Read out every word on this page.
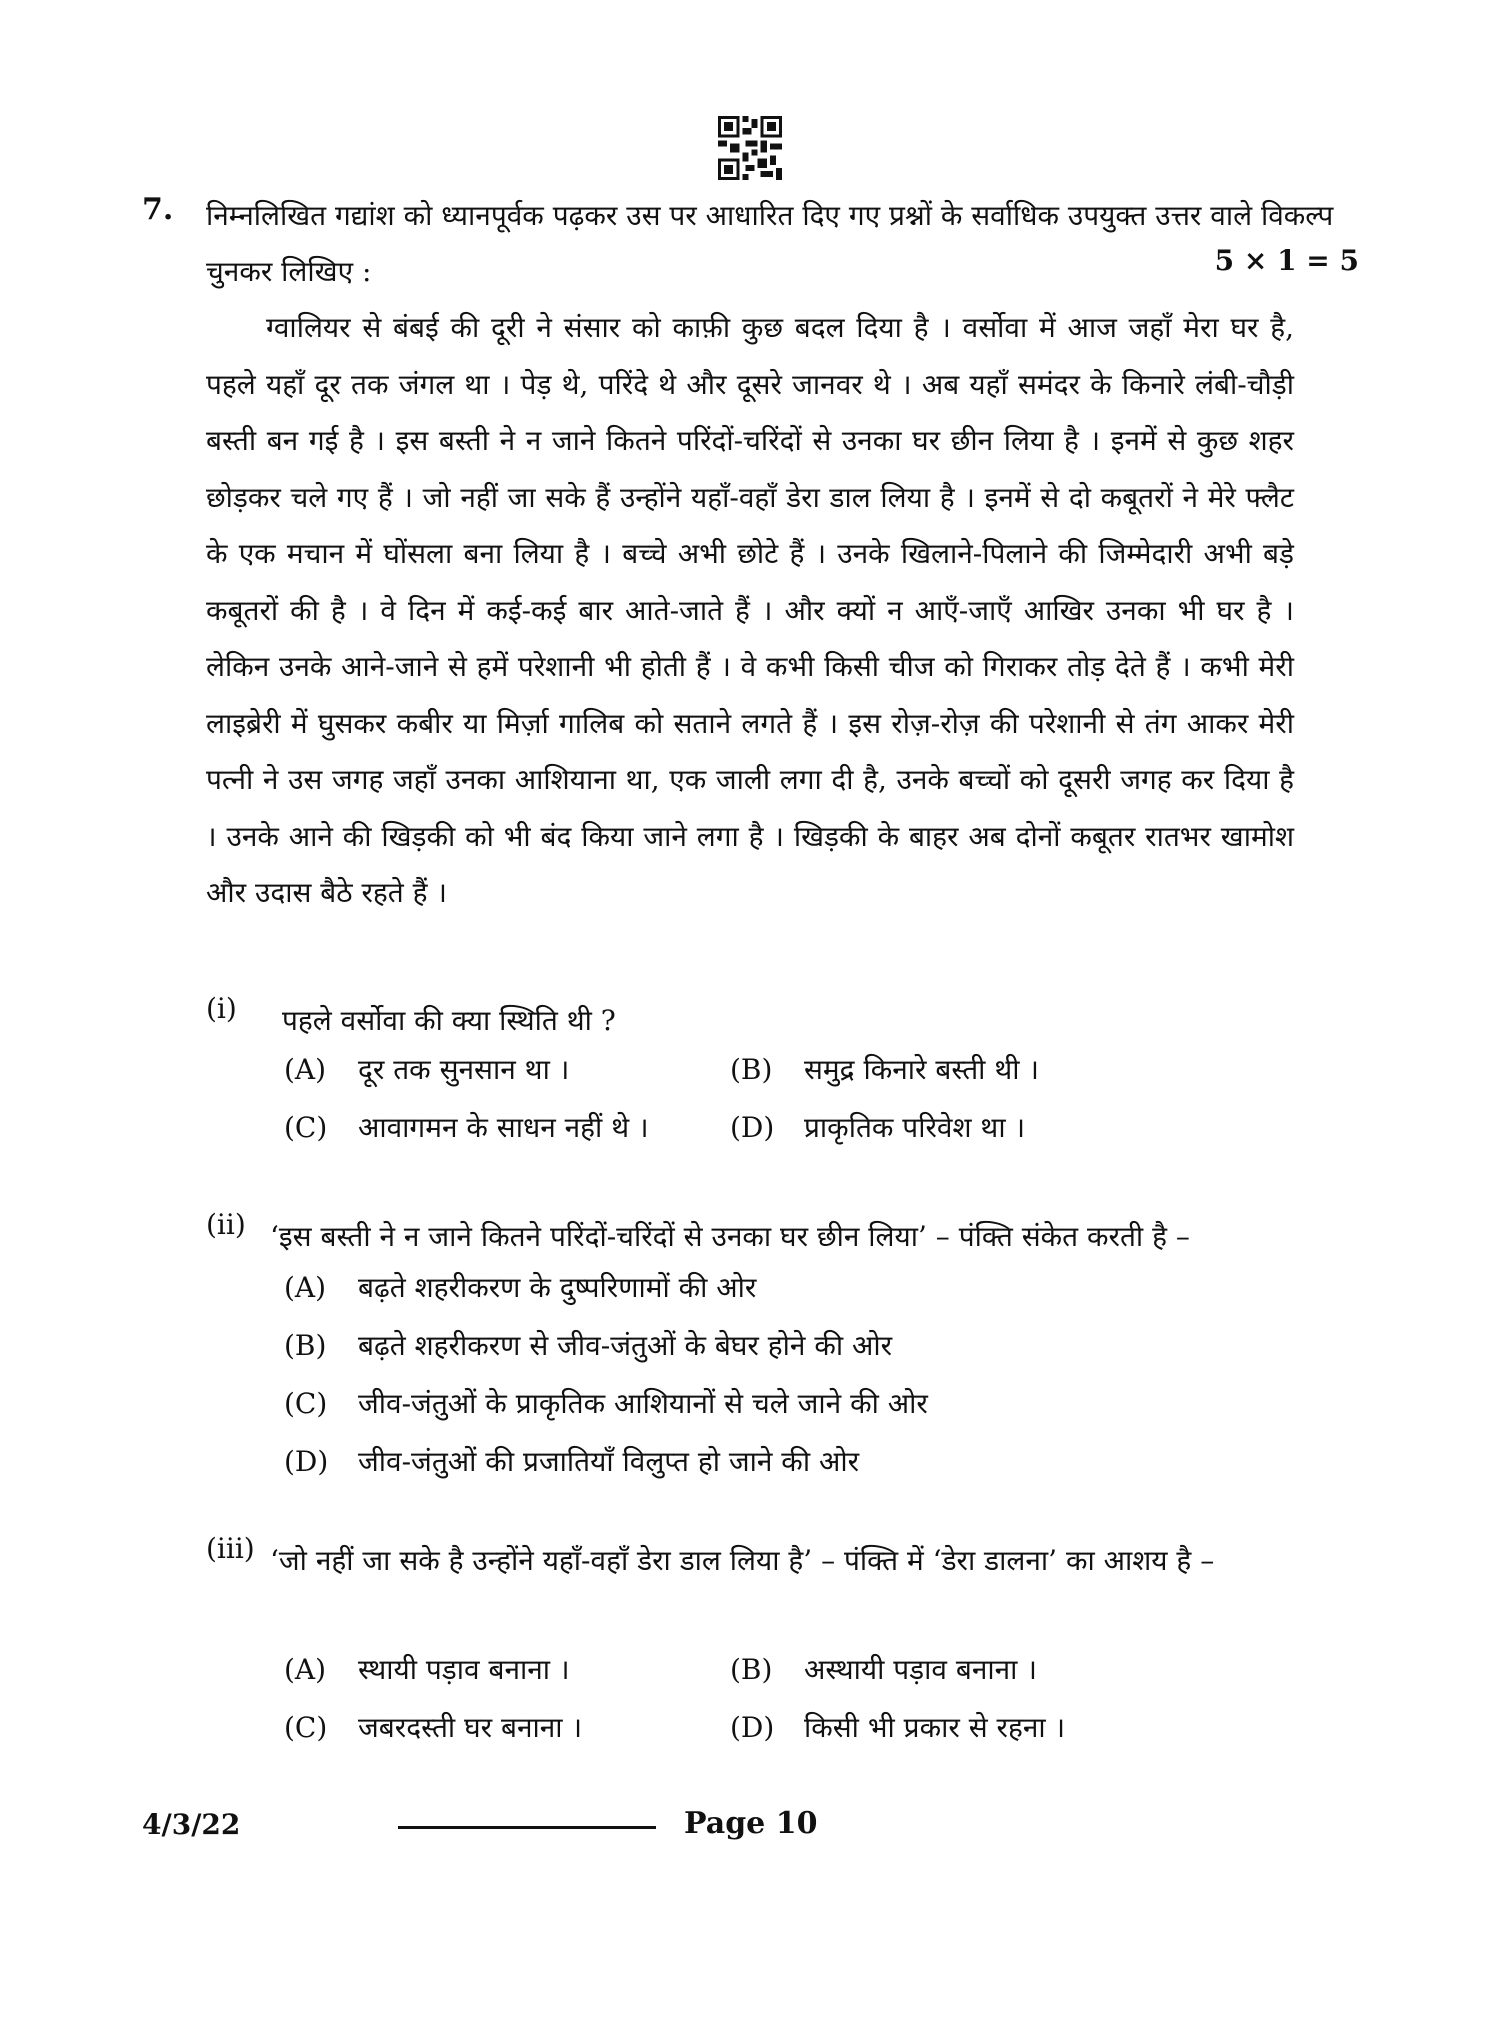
7. निम्नलिखित गद्यांश को ध्यानपूर्वक पढ़कर उस पर आधारित दिए गए प्रश्नों के सर्वाधिक उपयुक्त उत्तर वाले विकल्प चुनकर लिखिए :	5 × 1 = 5
ग्वालियर से बंबई की दूरी ने संसार को काफ़ी कुछ बदल दिया है । वर्सोवा में आज जहाँ मेरा घर है, पहले यहाँ दूर तक जंगल था । पेड़ थे, परिंदे थे और दूसरे जानवर थे । अब यहाँ समंदर के किनारे लंबी-चौड़ी बस्ती बन गई है । इस बस्ती ने न जाने कितने परिंदों-चरिंदों से उनका घर छीन लिया है । इनमें से कुछ शहर छोड़कर चले गए हैं । जो नहीं जा सके हैं उन्होंने यहाँ-वहाँ डेरा डाल लिया है । इनमें से दो कबूतरों ने मेरे फ्लैट के एक मचान में घोंसला बना लिया है । बच्चे अभी छोटे हैं । उनके खिलाने-पिलाने की जिम्मेदारी अभी बड़े कबूतरों की है । वे दिन में कई-कई बार आते-जाते हैं । और क्यों न आएँ-जाएँ आखिर उनका भी घर है । लेकिन उनके आने-जाने से हमें परेशानी भी होती हैं । वे कभी किसी चीज को गिराकर तोड़ देते हैं । कभी मेरी लाइब्रेरी में घुसकर कबीर या मिर्ज़ा गालिब को सताने लगते हैं । इस रोज़-रोज़ की परेशानी से तंग आकर मेरी पत्नी ने उस जगह जहाँ उनका आशियाना था, एक जाली लगा दी है, उनके बच्चों को दूसरी जगह कर दिया है । उनके आने की खिड़की को भी बंद किया जाने लगा है । खिड़की के बाहर अब दोनों कबूतर रातभर खामोश और उदास बैठे रहते हैं ।
(i) पहले वर्सोवा की क्या स्थिति थी ?
(A) दूर तक सुनसान था ।	(B) समुद्र किनारे बस्ती थी ।
(C) आवागमन के साधन नहीं थे ।	(D) प्राकृतिक परिवेश था ।
(ii) ‘इस बस्ती ने न जाने कितने परिंदों-चरिंदों से उनका घर छीन लिया’ – पंक्ति संकेत करती है –
(A) बढ़ते शहरीकरण के दुष्परिणामों की ओर
(B) बढ़ते शहरीकरण से जीव-जंतुओं के बेघर होने की ओर
(C) जीव-जंतुओं के प्राकृतिक आशियानों से चले जाने की ओर
(D) जीव-जंतुओं की प्रजातियाँ विलुप्त हो जाने की ओर
(iii) ‘जो नहीं जा सके है उन्होंने यहाँ-वहाँ डेरा डाल लिया है’ – पंक्ति में ‘डेरा डालना’ का आशय है –
(A) स्थायी पड़ाव बनाना ।	(B) अस्थायी पड़ाव बनाना ।
(C) जबरदस्ती घर बनाना ।	(D) किसी भी प्रकार से रहना ।
4/3/22	Page 10
